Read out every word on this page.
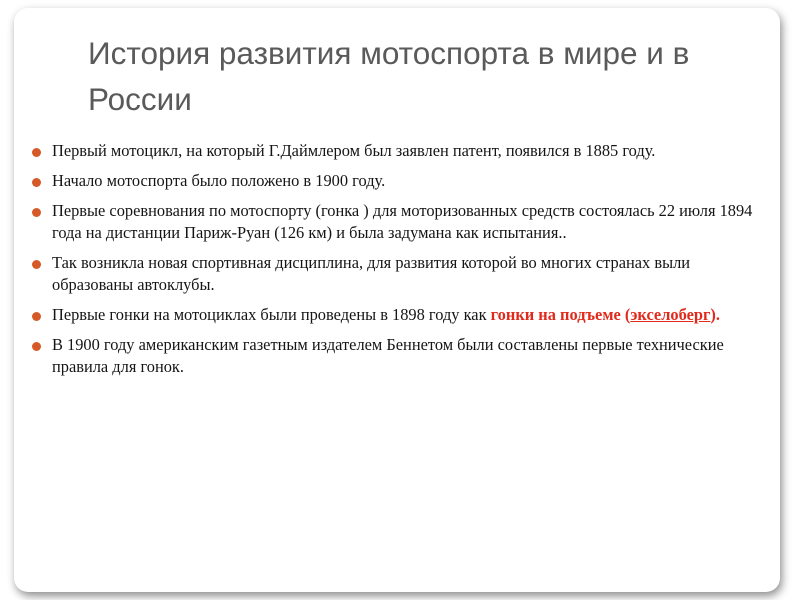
История развития мотоспорта в мире и в России
Первый мотоцикл, на который Г.Даймлером был заявлен патент, появился в 1885 году.
Начало мотоспорта было положено в 1900 году.
Первые соревнования по мотоспорту (гонка ) для моторизованных средств состоялась 22 июля 1894 года на дистанции Париж-Руан (126 км) и была задумана как испытания..
Так возникла новая спортивная дисциплина, для развития которой во многих странах выли образованы автоклубы.
Первые гонки на мотоциклах были проведены в 1898 году как гонки на подъеме (экселоберг).
В 1900 году американским газетным издателем Беннетом были составлены первые технические правила для гонок.
